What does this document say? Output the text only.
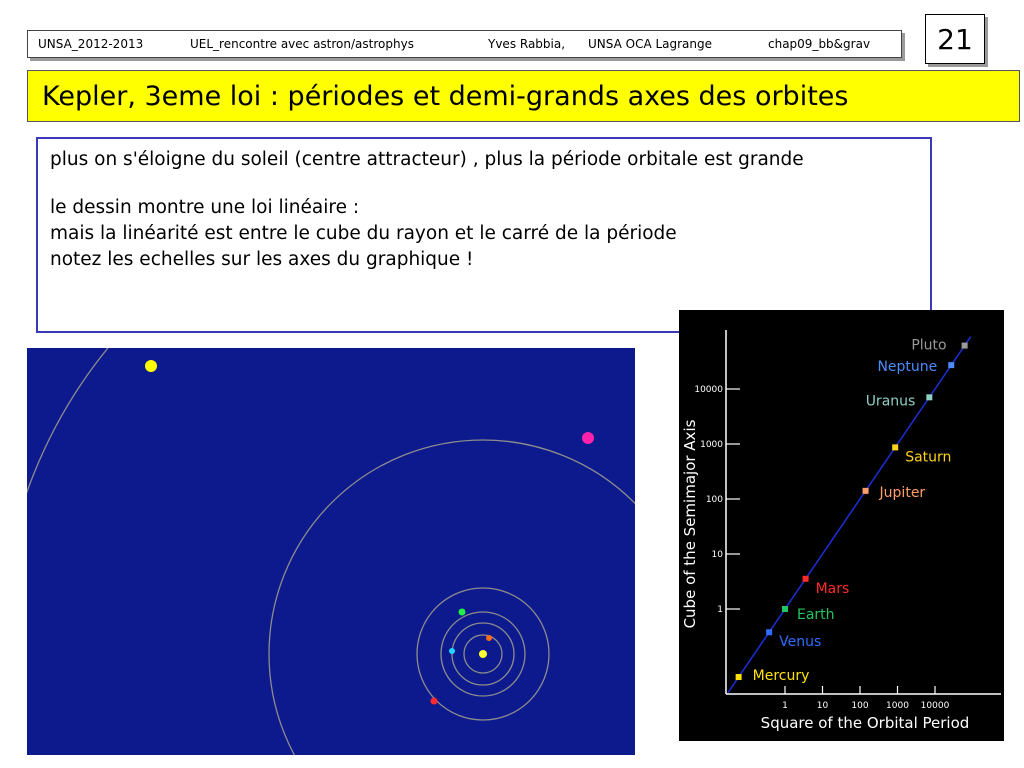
UNSA_2012-2013	UEL_rencontre avec astron/astrophys	Yves Rabbia, UNSA OCA Lagrange	chap09_bb&grav	21
Kepler, 3eme loi : périodes et demi-grands axes des orbites

plus on s'éloigne du soleil (centre attracteur) , plus la période orbitale est grande

le dessin montre une loi linéaire :

mais la linéarité est entre le cube du rayon et le carré de la période

notez les echelles sur les axes du graphique !

1	10	100 1000 10000
1
10
100
1000
10000
Square of the Orbital Period
Cube of the Semimajor Axis
Mercury
Venus
Earth
Mars
Jupiter
Saturn
Uranus
Neptune
Pluto
